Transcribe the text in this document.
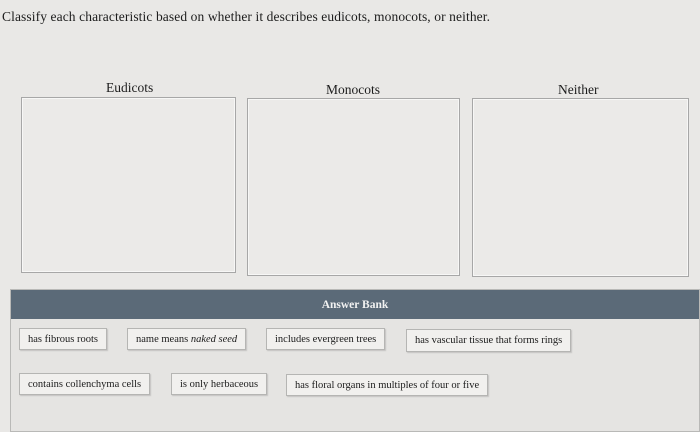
Classify each characteristic based on whether it describes eudicots, monocots, or neither.
Eudicots	Monocots	Neither
Answer Bank
has fibrous roots	name means
naked seed	includes evergreen trees	has vascular tissue that forms rings
contains collenchyma cells	is only herbaceous	has floral organs in multiples of four or five
